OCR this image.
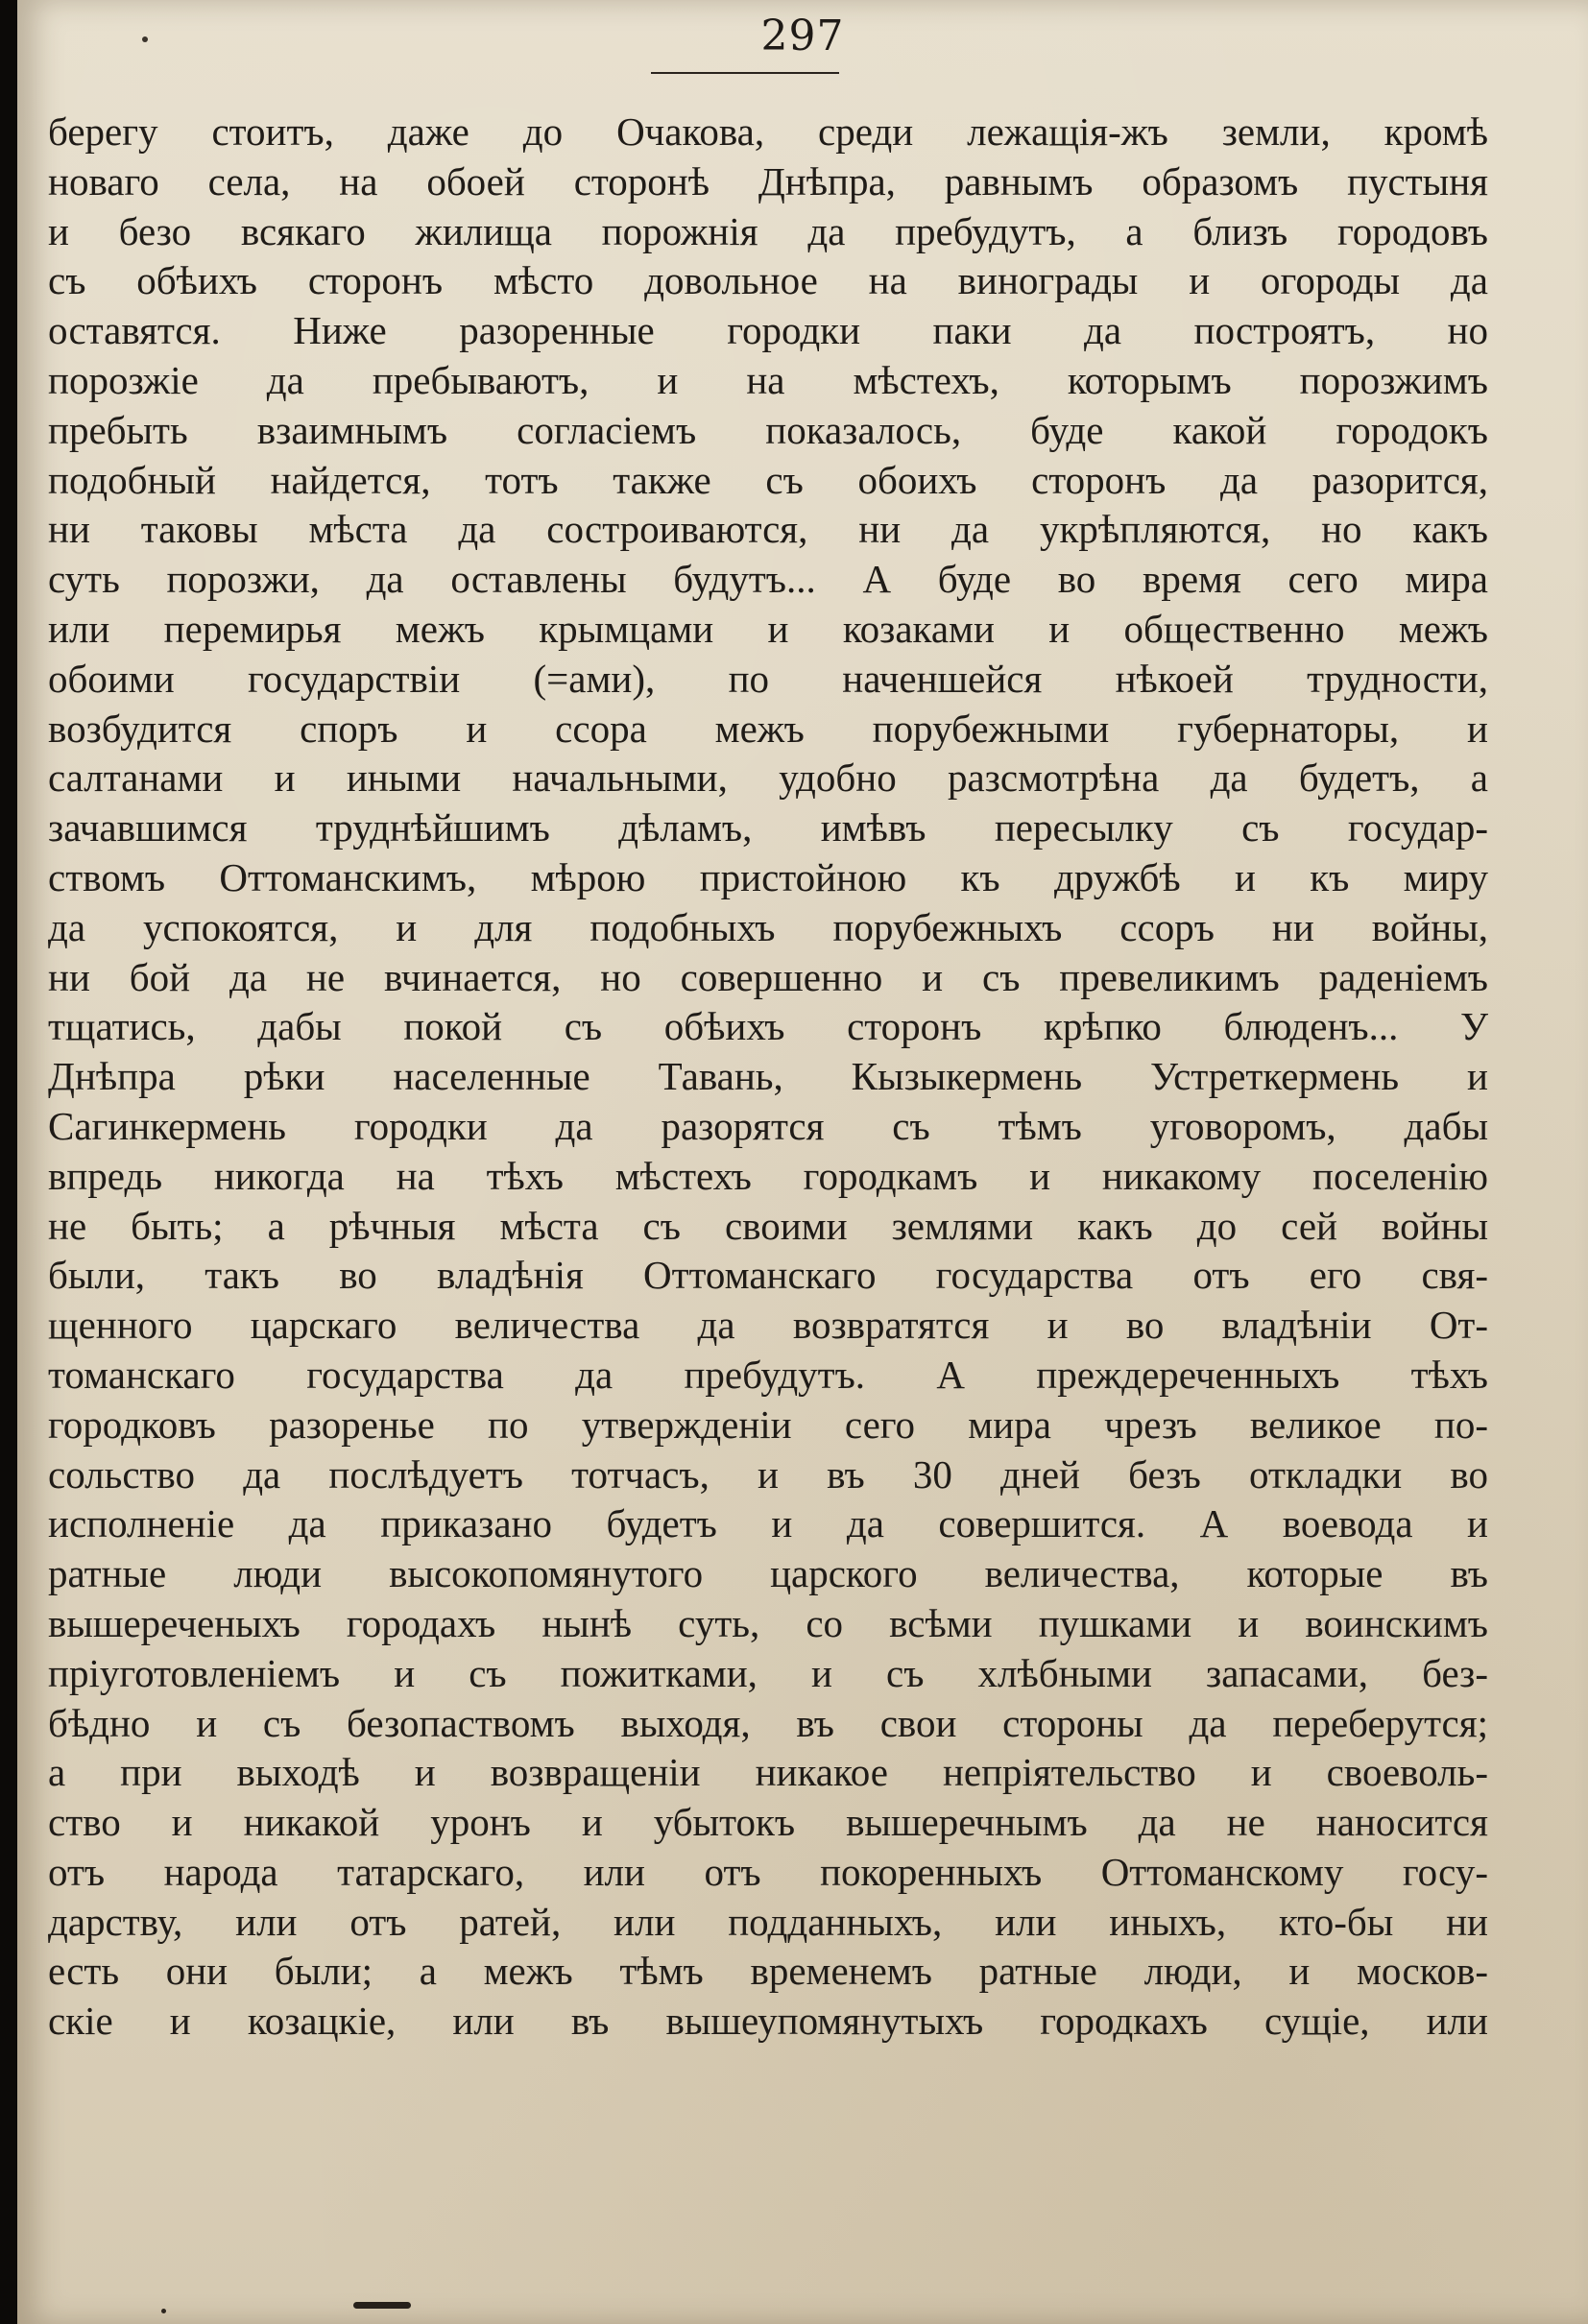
297
берегу стоитъ, даже до Очакова, среди лежащія-жъ земли, кромѣ
новаго села, на обоей сторонѣ Днѣпра, равнымъ образомъ пустыня
и безо всякаго жилища порожнія да пребудутъ, а близъ городовъ
съ обѣихъ сторонъ мѣсто довольное на винограды и огороды да
оставятся. Ниже разоренные городки паки да построятъ, но
порозжіе да пребываютъ, и на мѣстехъ, которымъ порозжимъ
пребыть взаимнымъ согласіемъ показалось, буде какой городокъ
подобный найдется, тотъ также съ обоихъ сторонъ да разорится,
ни таковы мѣста да состроиваются, ни да укрѣпляются, но какъ
суть порозжи, да оставлены будутъ... А буде во время сего мира
или перемирья межъ крымцами и козаками и общественно межъ
обоими государствіи (=ами), по наченшейся нѣкоей трудности,
возбудится споръ и ссора межъ порубежными губернаторы, и
салтанами и иными начальными, удобно разсмотрѣна да будетъ, а
зачавшимся труднѣйшимъ дѣламъ, имѣвъ пересылку съ государ-
ствомъ Оттоманскимъ, мѣрою пристойною къ дружбѣ и къ миру
да успокоятся, и для подобныхъ порубежныхъ ссоръ ни войны,
ни бой да не вчинается, но совершенно и съ превеликимъ раденіемъ
тщатись, дабы покой съ обѣихъ сторонъ крѣпко блюденъ... У
Днѣпра рѣки населенные Тавань, Кызыкермень Устреткермень и
Сагинкермень городки да разорятся съ тѣмъ уговоромъ, дабы
впредь никогда на тѣхъ мѣстехъ городкамъ и никакому поселенію
не быть; а рѣчныя мѣста съ своими землями какъ до сей войны
были, такъ во владѣнія Оттоманскаго государства отъ его свя-
щенного царскаго величества да возвратятся и во владѣніи От-
томанскаго государства да пребудутъ. А преждереченныхъ тѣхъ
городковъ разоренье по утвержденіи сего мира чрезъ великое по-
сольство да послѣдуетъ тотчасъ, и въ 30 дней безъ откладки во
исполненіе да приказано будетъ и да совершится. А воевода и
ратные люди высокопомянутого царского величества, которые въ
вышереченыхъ городахъ нынѣ суть, со всѣми пушками и воинскимъ
пріуготовленіемъ и съ пожитками, и съ хлѣбными запасами, без-
бѣдно и съ безопаствомъ выходя, въ свои стороны да переберутся;
а при выходѣ и возвращеніи никакое непріятельство и своеволь-
ство и никакой уронъ и убытокъ вышеречнымъ да не наносится
отъ народа татарскаго, или отъ покоренныхъ Оттоманскому госу-
дарству, или отъ ратей, или подданныхъ, или иныхъ, кто-бы ни
есть они были; а межъ тѣмъ временемъ ратные люди, и москов-
скіе и козацкіе, или въ вышеупомянутыхъ городкахъ сущіе, или
